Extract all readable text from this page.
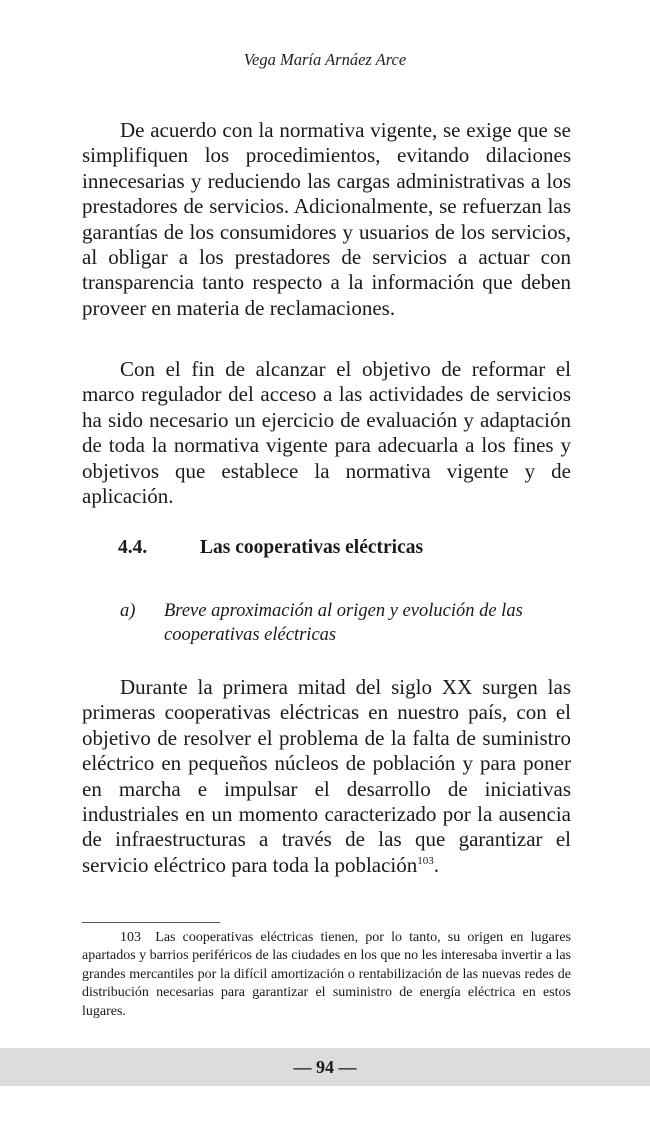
Vega María Arnáez Arce

De acuerdo con la normativa vigente, se exige que se simplifiquen los procedimientos, evitando dilaciones innecesarias y reduciendo las cargas administrativas a los prestadores de servicios. Adicionalmente, se refuerzan las garantías de los consumidores y usuarios de los servicios, al obligar a los prestadores de servicios a actuar con transparencia tanto respecto a la información que deben proveer en materia de reclamaciones.

Con el fin de alcanzar el objetivo de reformar el marco regulador del acceso a las actividades de servicios ha sido necesario un ejercicio de evaluación y adaptación de toda la normativa vigente para adecuarla a los fines y objetivos que establece la normativa vigente y de aplicación.

4.4.	Las cooperativas eléctricas
a) Breve aproximación al origen y evolución de las cooperativas eléctricas

Durante la primera mitad del siglo XX surgen las primeras cooperativas eléctricas en nuestro país, con el objetivo de resolver el problema de la falta de suministro eléctrico en pequeños núcleos de población y para poner en marcha e impulsar el desarrollo de iniciativas industriales en un momento caracterizado por la ausencia de infraestructuras a través de las que garantizar el servicio eléctrico para toda la población$^{103}$.

103 Las cooperativas eléctricas tienen, por lo tanto, su origen en lugares apartados y barrios periféricos de las ciudades en los que no les interesaba invertir a las grandes mercantiles por la difícil amortización o rentabilización de las nuevas redes de distribución necesarias para garantizar el suministro de energía eléctrica en estos lugares.

— 94 —
